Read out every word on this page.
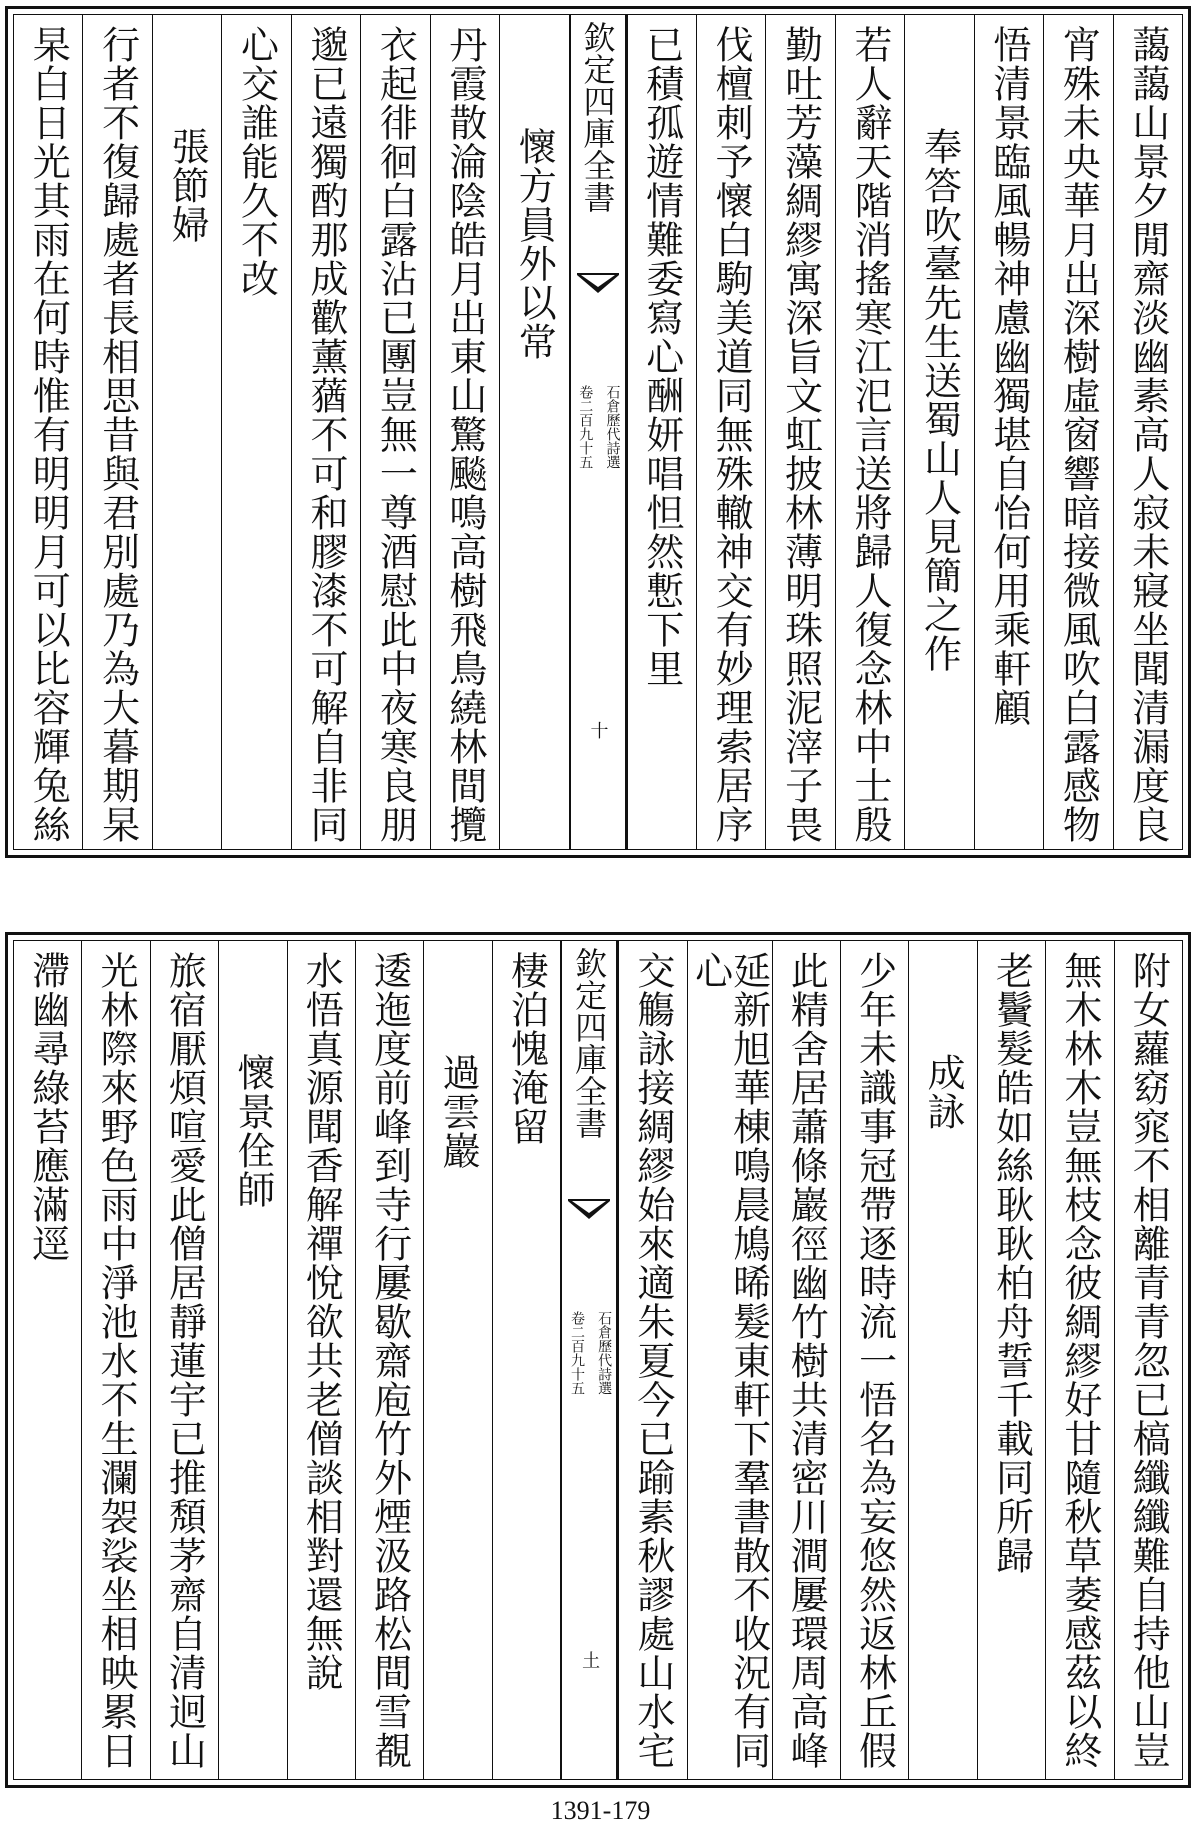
藹藹山景夕閒齋淡幽素高人寂未寢坐聞清漏度良
宵殊未央華月出深樹虛窗響暗接微風吹白露感物
悟清景臨風暢神慮幽獨堪自怡何用乘軒顧
奉答吹臺先生送蜀山人見簡之作
若人辭天階消搖寒江汜言送將歸人復念林中士殷
勤吐芳藻綢繆寓深旨文虹披林薄明珠照泥滓子畏
伐檀刺予懷白駒美道同無殊轍神交有妙理索居序
已積孤遊情難委寫心酬妍唱怛然慙下里
欽定四庫全書
石倉歷代詩選
卷二百九十五
十
懷方員外以常
丹霞散淪陰皓月出東山驚飈鳴高樹飛鳥繞林間攬
衣起徘徊白露沾已團豈無一尊酒慰此中夜寒良朋
邈已遠獨酌那成歡薰蕕不可和膠漆不可解自非同
心交誰能久不改
張節婦
行者不復歸處者長相思昔與君別處乃為大暮期杲
杲白日光其雨在何時惟有明明月可以比容輝兔絲
附女蘿窈窕不相離青青忽已槁纖纖難自持他山豈
無木林木豈無枝念彼綢繆好甘隨秋草萎感茲以終
老鬢髮皓如絲耿耿柏舟誓千載同所歸
成詠
少年未識事冠帶逐時流一悟名為妄悠然返林丘假
此精舍居蕭條巖徑幽竹樹共清密川澗屢環周高峰
延新旭華棟鳴晨鳩晞髮東軒下羣書散不收況有同心
交觴詠接綢繆始來適朱夏今已踰素秋謬處山水宅
欽定四庫全書
石倉歷代詩選
卷二百九十五
土
棲泊愧淹留
過雲巖
逶迤度前峰到寺行屢歇齋庖竹外煙汲路松間雪覩
水悟真源聞香解禪悅欲共老僧談相對還無說
懷景佺師
旅宿厭煩喧愛此僧居靜蓮宇已推頽茅齋自清迥山
光林際來野色雨中淨池水不生瀾袈裟坐相映累日
滯幽尋綠苔應滿逕
1391-179
